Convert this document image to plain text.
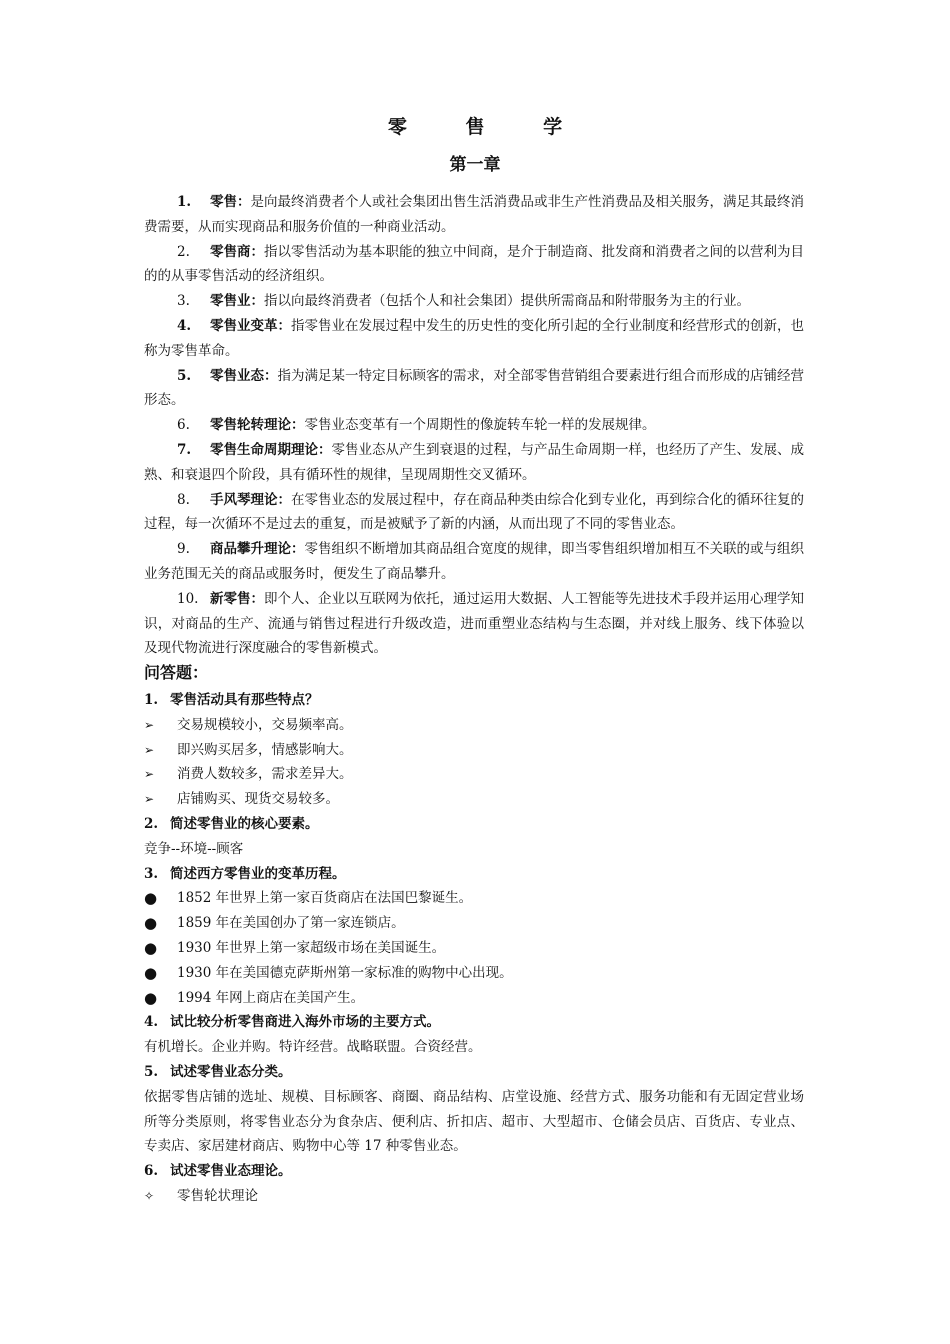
零 售 学
第一章

1. 零售：是向最终消费者个人或社会集团出售生活消费品或非生产性消费品及相关服务，满足其最终消费需要，从而实现商品和服务价值的一种商业活动。

2. 零售商：指以零售活动为基本职能的独立中间商，是介于制造商、批发商和消费者之间的以营利为目的的从事零售活动的经济组织。

3. 零售业：指以向最终消费者（包括个人和社会集团）提供所需商品和附带服务为主的行业。

4. 零售业变革：指零售业在发展过程中发生的历史性的变化所引起的全行业制度和经营形式的创新，也称为零售革命。

5. 零售业态：指为满足某一特定目标顾客的需求，对全部零售营销组合要素进行组合而形成的店铺经营形态。

6. 零售轮转理论：零售业态变革有一个周期性的像旋转车轮一样的发展规律。

7. 零售生命周期理论：零售业态从产生到衰退的过程，与产品生命周期一样，也经历了产生、发展、成熟、和衰退四个阶段，具有循环性的规律，呈现周期性交叉循环。

8. 手风琴理论：在零售业态的发展过程中，存在商品种类由综合化到专业化，再到综合化的循环往复的过程，每一次循环不是过去的重复，而是被赋予了新的内涵，从而出现了不同的零售业态。

9. 商品攀升理论：零售组织不断增加其商品组合宽度的规律，即当零售组织增加相互不关联的或与组织业务范围无关的商品或服务时，便发生了商品攀升。

10. 新零售：即个人、企业以互联网为依托，通过运用大数据、人工智能等先进技术手段并运用心理学知识，对商品的生产、流通与销售过程进行升级改造，进而重塑业态结构与生态圈，并对线上服务、线下体验以及现代物流进行深度融合的零售新模式。

问答题：

1. 零售活动具有那些特点？

➢	交易规模较小，交易频率高。
➢	即兴购买居多，情感影响大。
➢	消费人数较多，需求差异大。
➢	店铺购买、现货交易较多。

2. 简述零售业的核心要素。

竞争--环境--顾客

3. 简述西方零售业的变革历程。

●	1852 年世界上第一家百货商店在法国巴黎诞生。
●	1859 年在美国创办了第一家连锁店。
●	1930 年世界上第一家超级市场在美国诞生。
●	1930 年在美国德克萨斯州第一家标准的购物中心出现。
●	1994 年网上商店在美国产生。

4. 试比较分析零售商进入海外市场的主要方式。

有机增长。企业并购。特许经营。战略联盟。合资经营。

5. 试述零售业态分类。

依据零售店铺的选址、规模、目标顾客、商圈、商品结构、店堂设施、经营方式、服务功能和有无固定营业场所等分类原则，将零售业态分为食杂店、便利店、折扣店、超市、大型超市、仓储会员店、百货店、专业点、专卖店、家居建材商店、购物中心等 17 种零售业态。

6. 试述零售业态理论。

✧	零售轮状理论
